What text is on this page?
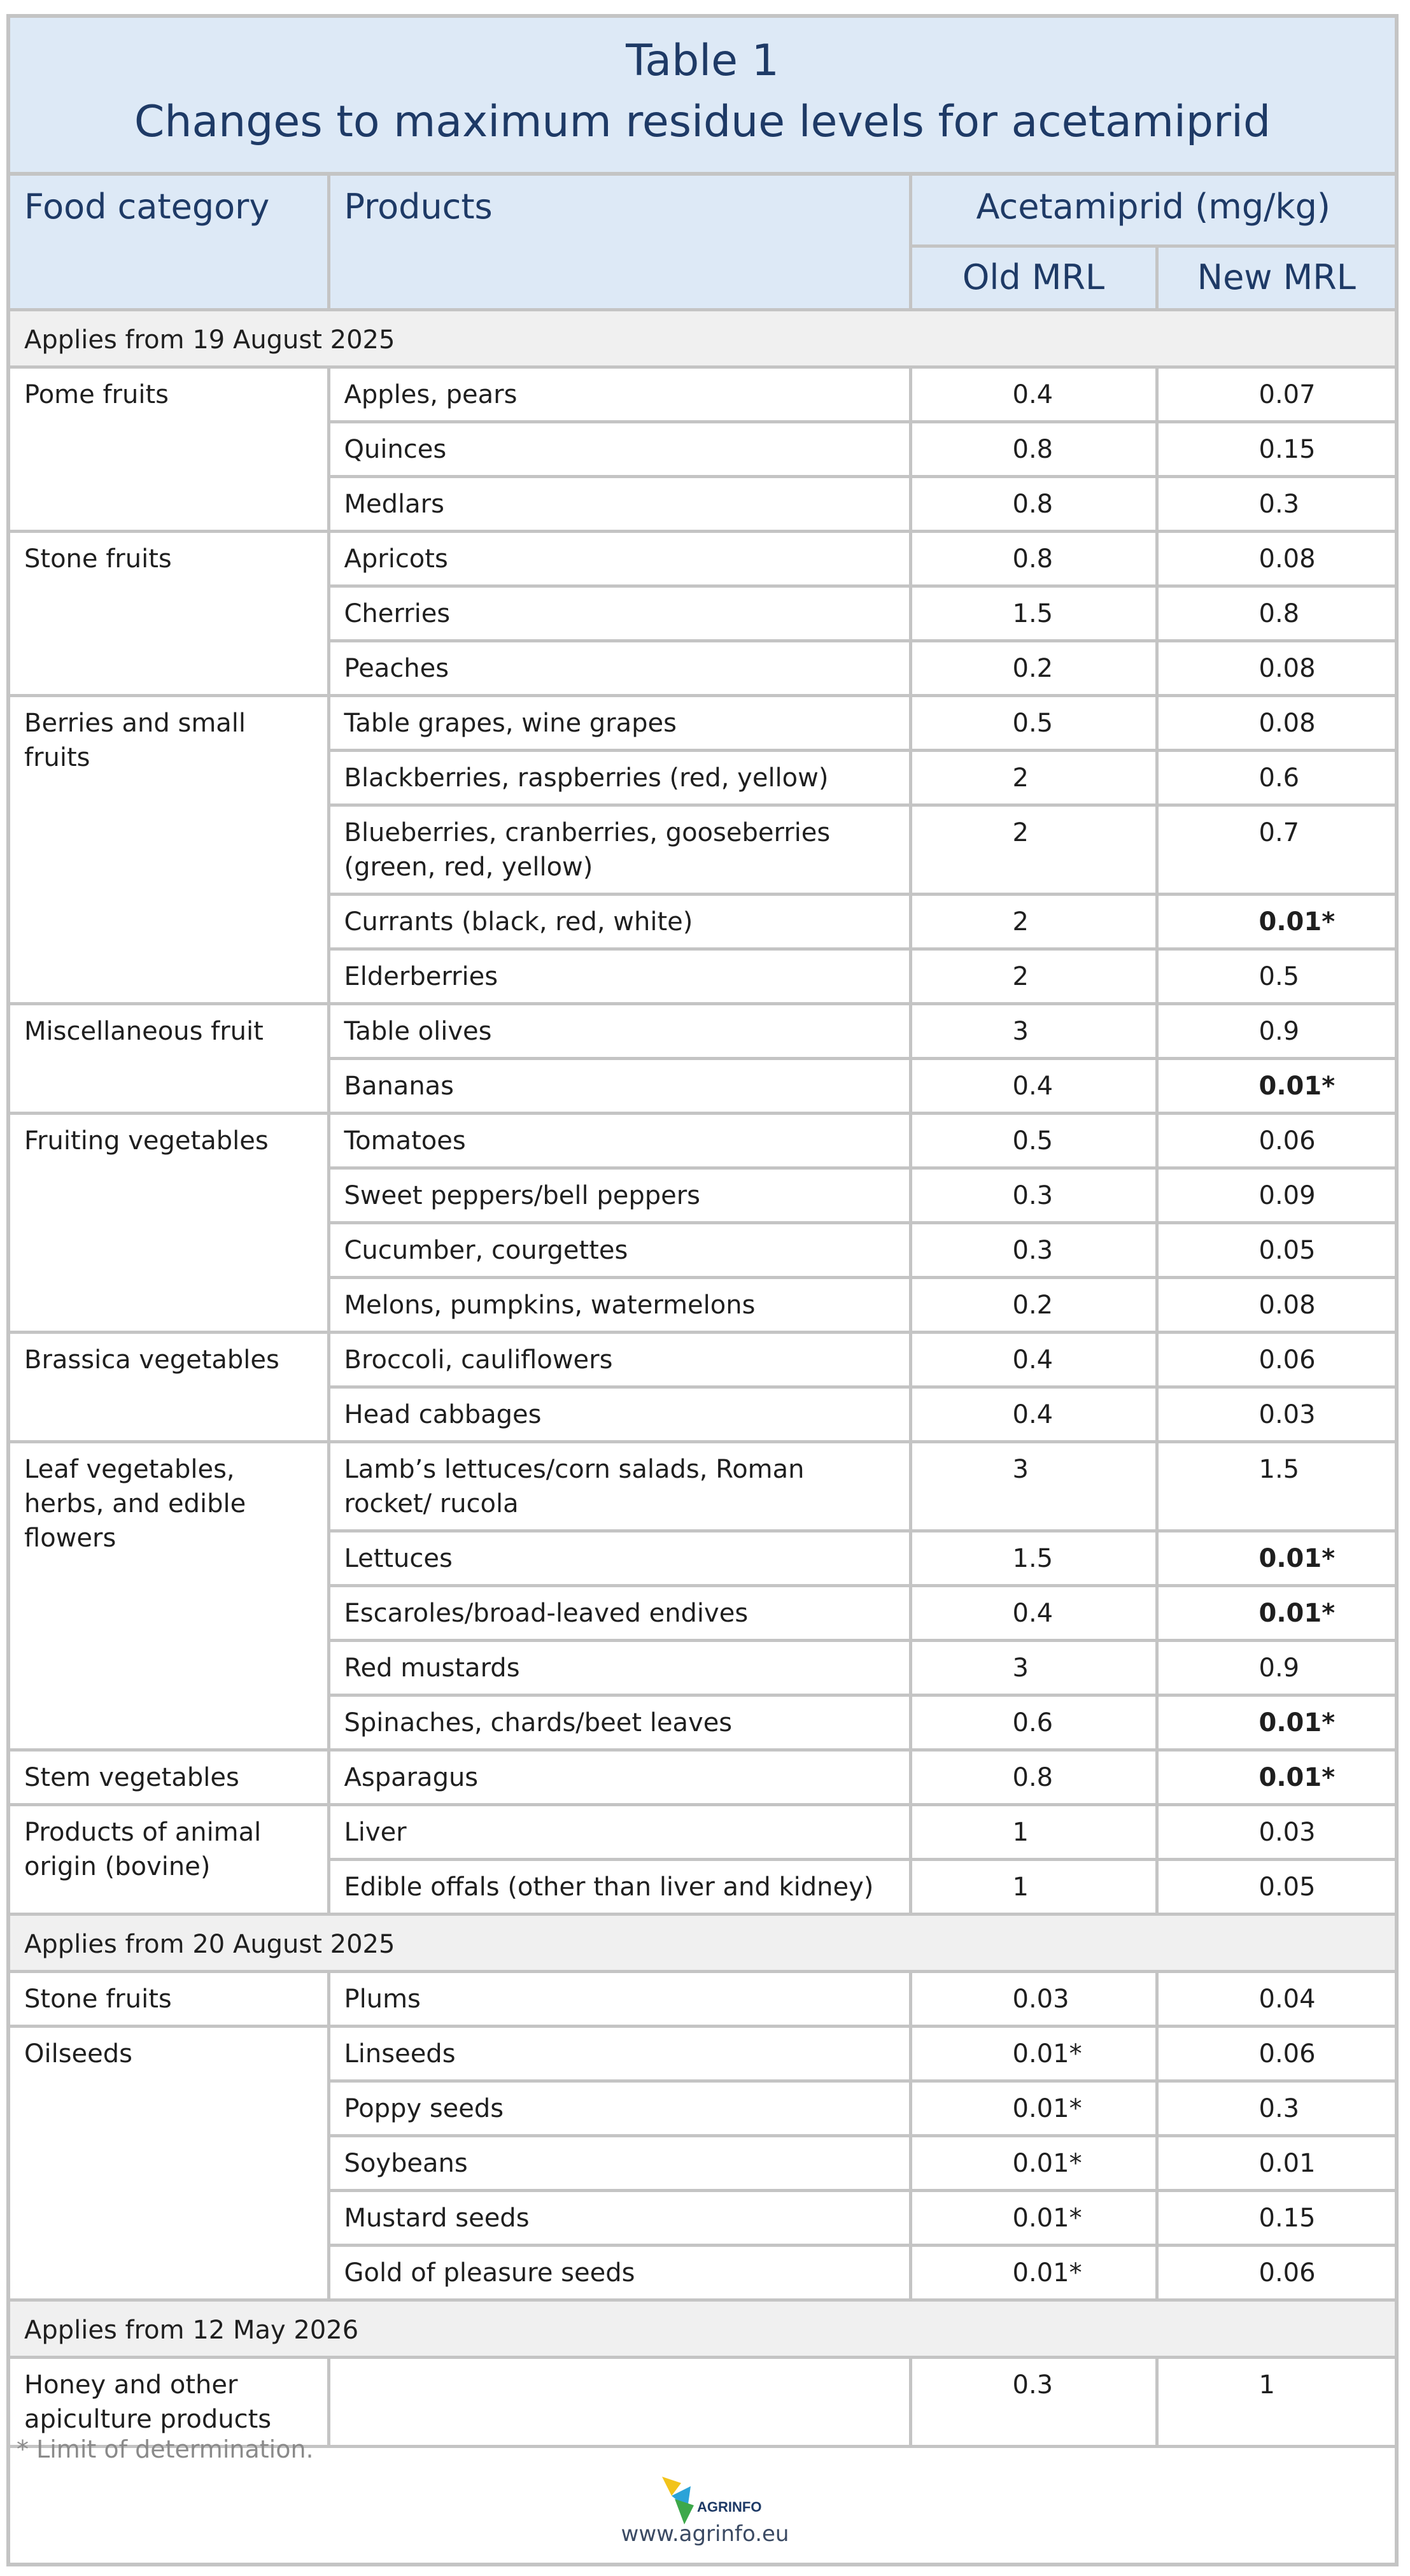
Table 1
Changes to maximum residue levels for acetamiprid
Food category	Products	Acetamiprid (mg/kg)	
		Old MRL	New MRL
Applies from 19 August 2025			
Pome fruits	Apples, pears	0.4	0.07
	Quinces	0.8	0.15
	Medlars	0.8	0.3
Stone fruits	Apricots	0.8	0.08
	Cherries	1.5	0.8
	Peaches	0.2	0.08
Berries and small fruits	Table grapes, wine grapes	0.5	0.08
	Blackberries, raspberries (red, yellow)	2	0.6
	Blueberries, cranberries, gooseberries (green, red, yellow)	2	0.7
	Currants (black, red, white)	2	0.01*
	Elderberries	2	0.5
Miscellaneous fruit	Table olives	3	0.9
	Bananas	0.4	0.01*
Fruiting vegetables	Tomatoes	0.5	0.06
	Sweet peppers/bell peppers	0.3	0.09
	Cucumber, courgettes	0.3	0.05
	Melons, pumpkins, watermelons	0.2	0.08
Brassica vegetables	Broccoli, cauliflowers	0.4	0.06
	Head cabbages	0.4	0.03
Leaf vegetables, herbs, and edible flowers	Lamb’s lettuces/corn salads, Roman rocket/ rucola	3	1.5
	Lettuces	1.5	0.01*
	Escaroles/broad-leaved endives	0.4	0.01*
	Red mustards	3	0.9
	Spinaches, chards/beet leaves	0.6	0.01*
Stem vegetables	Asparagus	0.8	0.01*
Products of animal origin (bovine)	Liver	1	0.03
	Edible offals (other than liver and kidney)	1	0.05
Applies from 20 August 2025			
Stone fruits	Plums	0.03	0.04
Oilseeds	Linseeds	0.01*	0.06
	Poppy seeds	0.01*	0.3
	Soybeans	0.01*	0.01
	Mustard seeds	0.01*	0.15
	Gold of pleasure seeds	0.01*	0.06
Applies from 12 May 2026			
Honey and other apiculture products		0.3	1
* Limit of determination.
AGRINFO
www.agrinfo.eu
